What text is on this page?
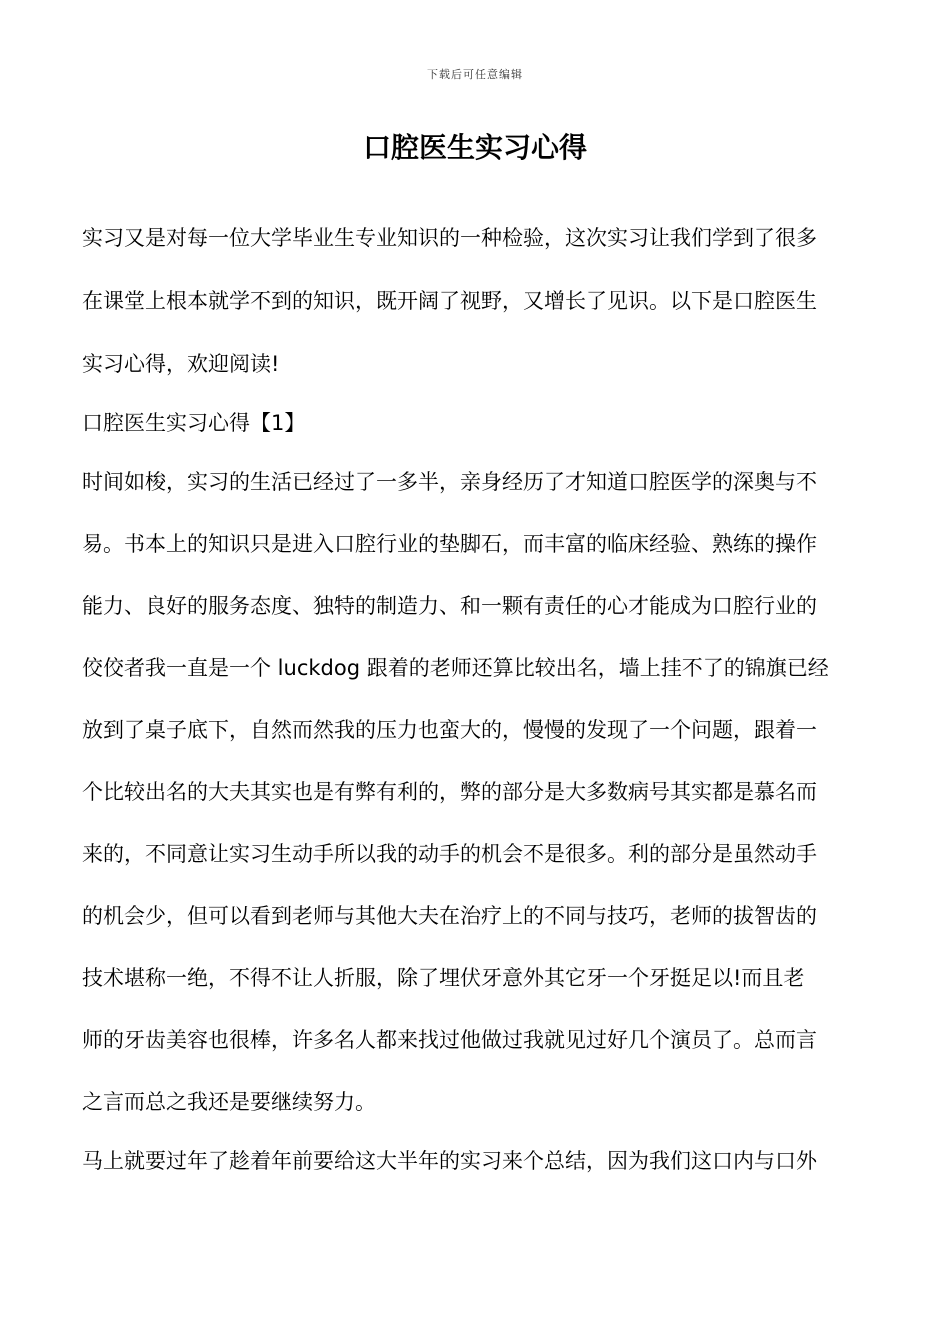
下载后可任意编辑
口腔医生实习心得
实习又是对每一位大学毕业生专业知识的一种检验，这次实习让我们学到了很多
在课堂上根本就学不到的知识，既开阔了视野，又增长了见识。以下是口腔医生
实习心得，欢迎阅读!
口腔医生实习心得【1】
时间如梭，实习的生活已经过了一多半，亲身经历了才知道口腔医学的深奥与不
易。书本上的知识只是进入口腔行业的垫脚石，而丰富的临床经验、熟练的操作
能力、良好的服务态度、独特的制造力、和一颗有责任的心才能成为口腔行业的
佼佼者我一直是一个 luckdog 跟着的老师还算比较出名，墙上挂不了的锦旗已经
放到了桌子底下，自然而然我的压力也蛮大的，慢慢的发现了一个问题，跟着一
个比较出名的大夫其实也是有弊有利的，弊的部分是大多数病号其实都是慕名而
来的，不同意让实习生动手所以我的动手的机会不是很多。利的部分是虽然动手
的机会少，但可以看到老师与其他大夫在治疗上的不同与技巧，老师的拔智齿的
技术堪称一绝，不得不让人折服，除了埋伏牙意外其它牙一个牙挺足以!而且老
师的牙齿美容也很棒，许多名人都来找过他做过我就见过好几个演员了。总而言
之言而总之我还是要继续努力。
马上就要过年了趁着年前要给这大半年的实习来个总结，因为我们这口内与口外
